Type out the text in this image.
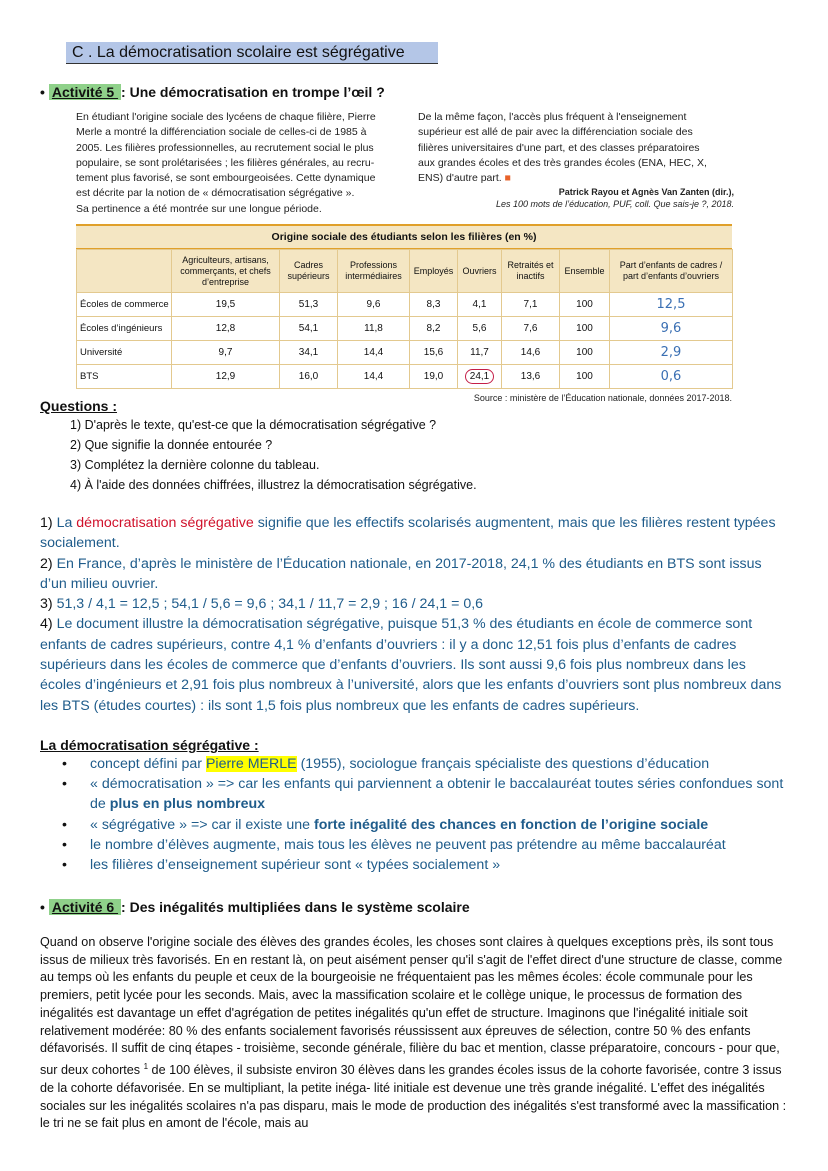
C . La démocratisation scolaire est ségrégative
• Activité 5 : Une démocratisation en trompe l’œil ?
En étudiant l'origine sociale des lycéens de chaque filière, Pierre
Merle a montré la différenciation sociale de celles-ci de 1985 à
2005. Les filières professionnelles, au recrutement social le plus
populaire, se sont prolétarisées ; les filières générales, au recru-
tement plus favorisé, se sont embourgeoisées. Cette dynamique
est décrite par la notion de « démocratisation ségrégative ».
Sa pertinence a été montrée sur une longue période.
De la même façon, l'accès plus fréquent à l'enseignement
supérieur est allé de pair avec la différenciation sociale des
filières universitaires d'une part, et des classes préparatoires
aux grandes écoles et des très grandes écoles (ENA, HEC, X,
ENS) d'autre part. ■
Patrick Rayou et Agnès Van Zanten (dir.),
Les 100 mots de l’éducation, PUF, coll. Que sais-je ?, 2018.
Origine sociale des étudiants selon les filières (en %)
	Agriculteurs, artisans, commerçants, et chefs d’entreprise	Cadres supérieurs	Professions intermédiaires	Employés	Ouvriers	Retraités et inactifs	Ensemble	Part d’enfants de cadres / part d’enfants d’ouvriers
Écoles de commerce	19,5	51,3	9,6	8,3	4,1	7,1	100	12,5
Écoles d’ingénieurs	12,8	54,1	11,8	8,2	5,6	7,6	100	9,6
Université	9,7	34,1	14,4	15,6	11,7	14,6	100	2,9
BTS	12,9	16,0	14,4	19,0	24,1	13,6	100	0,6
Source : ministère de l’Éducation nationale, données 2017-2018.
Questions :
1) D'après le texte, qu'est-ce que la démocratisation ségrégative ?
2) Que signifie la donnée entourée ?
3) Complétez la dernière colonne du tableau.
4) À l'aide des données chiffrées, illustrez la démocratisation ségrégative.
1) La démocratisation ségrégative signifie que les effectifs scolarisés augmentent, mais que les filières restent typées socialement.
2) En France, d’après le ministère de l’Éducation nationale, en 2017-2018, 24,1 % des étudiants en BTS sont issus d’un milieu ouvrier.
3) 51,3 / 4,1 = 12,5 ; 54,1 / 5,6 = 9,6 ; 34,1 / 11,7 = 2,9 ; 16 / 24,1 = 0,6
4) Le document illustre la démocratisation ségrégative, puisque 51,3 % des étudiants en école de commerce sont enfants de cadres supérieurs, contre 4,1 % d’enfants d’ouvriers : il y a donc 12,51 fois plus d’enfants de cadres supérieurs dans les écoles de commerce que d’enfants d’ouvriers. Ils sont aussi 9,6 fois plus nombreux dans les écoles d’ingénieurs et 2,91 fois plus nombreux à l’université, alors que les enfants d’ouvriers sont plus nombreux dans les BTS (études courtes) : ils sont 1,5 fois plus nombreux que les enfants de cadres supérieurs.
La démocratisation ségrégative :
• concept défini par Pierre MERLE (1955), sociologue français spécialiste des questions d’éducation
• « démocratisation » => car les enfants qui parviennent a obtenir le baccalauréat toutes séries confondues sont de plus en plus nombreux
• « ségrégative » => car il existe une forte inégalité des chances en fonction de l’origine sociale
• le nombre d’élèves augmente, mais tous les élèves ne peuvent pas prétendre au même baccalauréat
• les filières d’enseignement supérieur sont « typées socialement »
• Activité 6 : Des inégalités multipliées dans le système scolaire
Quand on observe l'origine sociale des élèves des grandes écoles, les choses sont claires à quelques exceptions près, ils sont tous issus de milieux très favorisés. En en restant là, on peut aisément penser qu'il s'agit de l'effet direct d'une structure de classe, comme au temps où les enfants du peuple et ceux de la bourgeoisie ne fréquentaient pas les mêmes écoles: école communale pour les premiers, petit lycée pour les seconds. Mais, avec la massification scolaire et le collège unique, le processus de formation des inégalités est davantage un effet d'agrégation de petites inégalités qu'un effet de structure. Imaginons que l'inégalité initiale soit relativement modérée: 80 % des enfants socialement favorisés réussissent aux épreuves de sélection, contre 50 % des enfants défavorisés. Il suffit de cinq étapes - troisième, seconde générale, filière du bac et mention, classe préparatoire, concours - pour que, sur deux cohortes $^1$ de 100 élèves, il subsiste environ 30 élèves dans les grandes écoles issus de la cohorte favorisée, contre 3 issus de la cohorte défavorisée. En se multipliant, la petite inéga- lité initiale est devenue une très grande inégalité. L'effet des inégalités sociales sur les inégalités scolaires n'a pas disparu, mais le mode de production des inégalités s'est transformé avec la massification : le tri ne se fait plus en amont de l'école, mais au
